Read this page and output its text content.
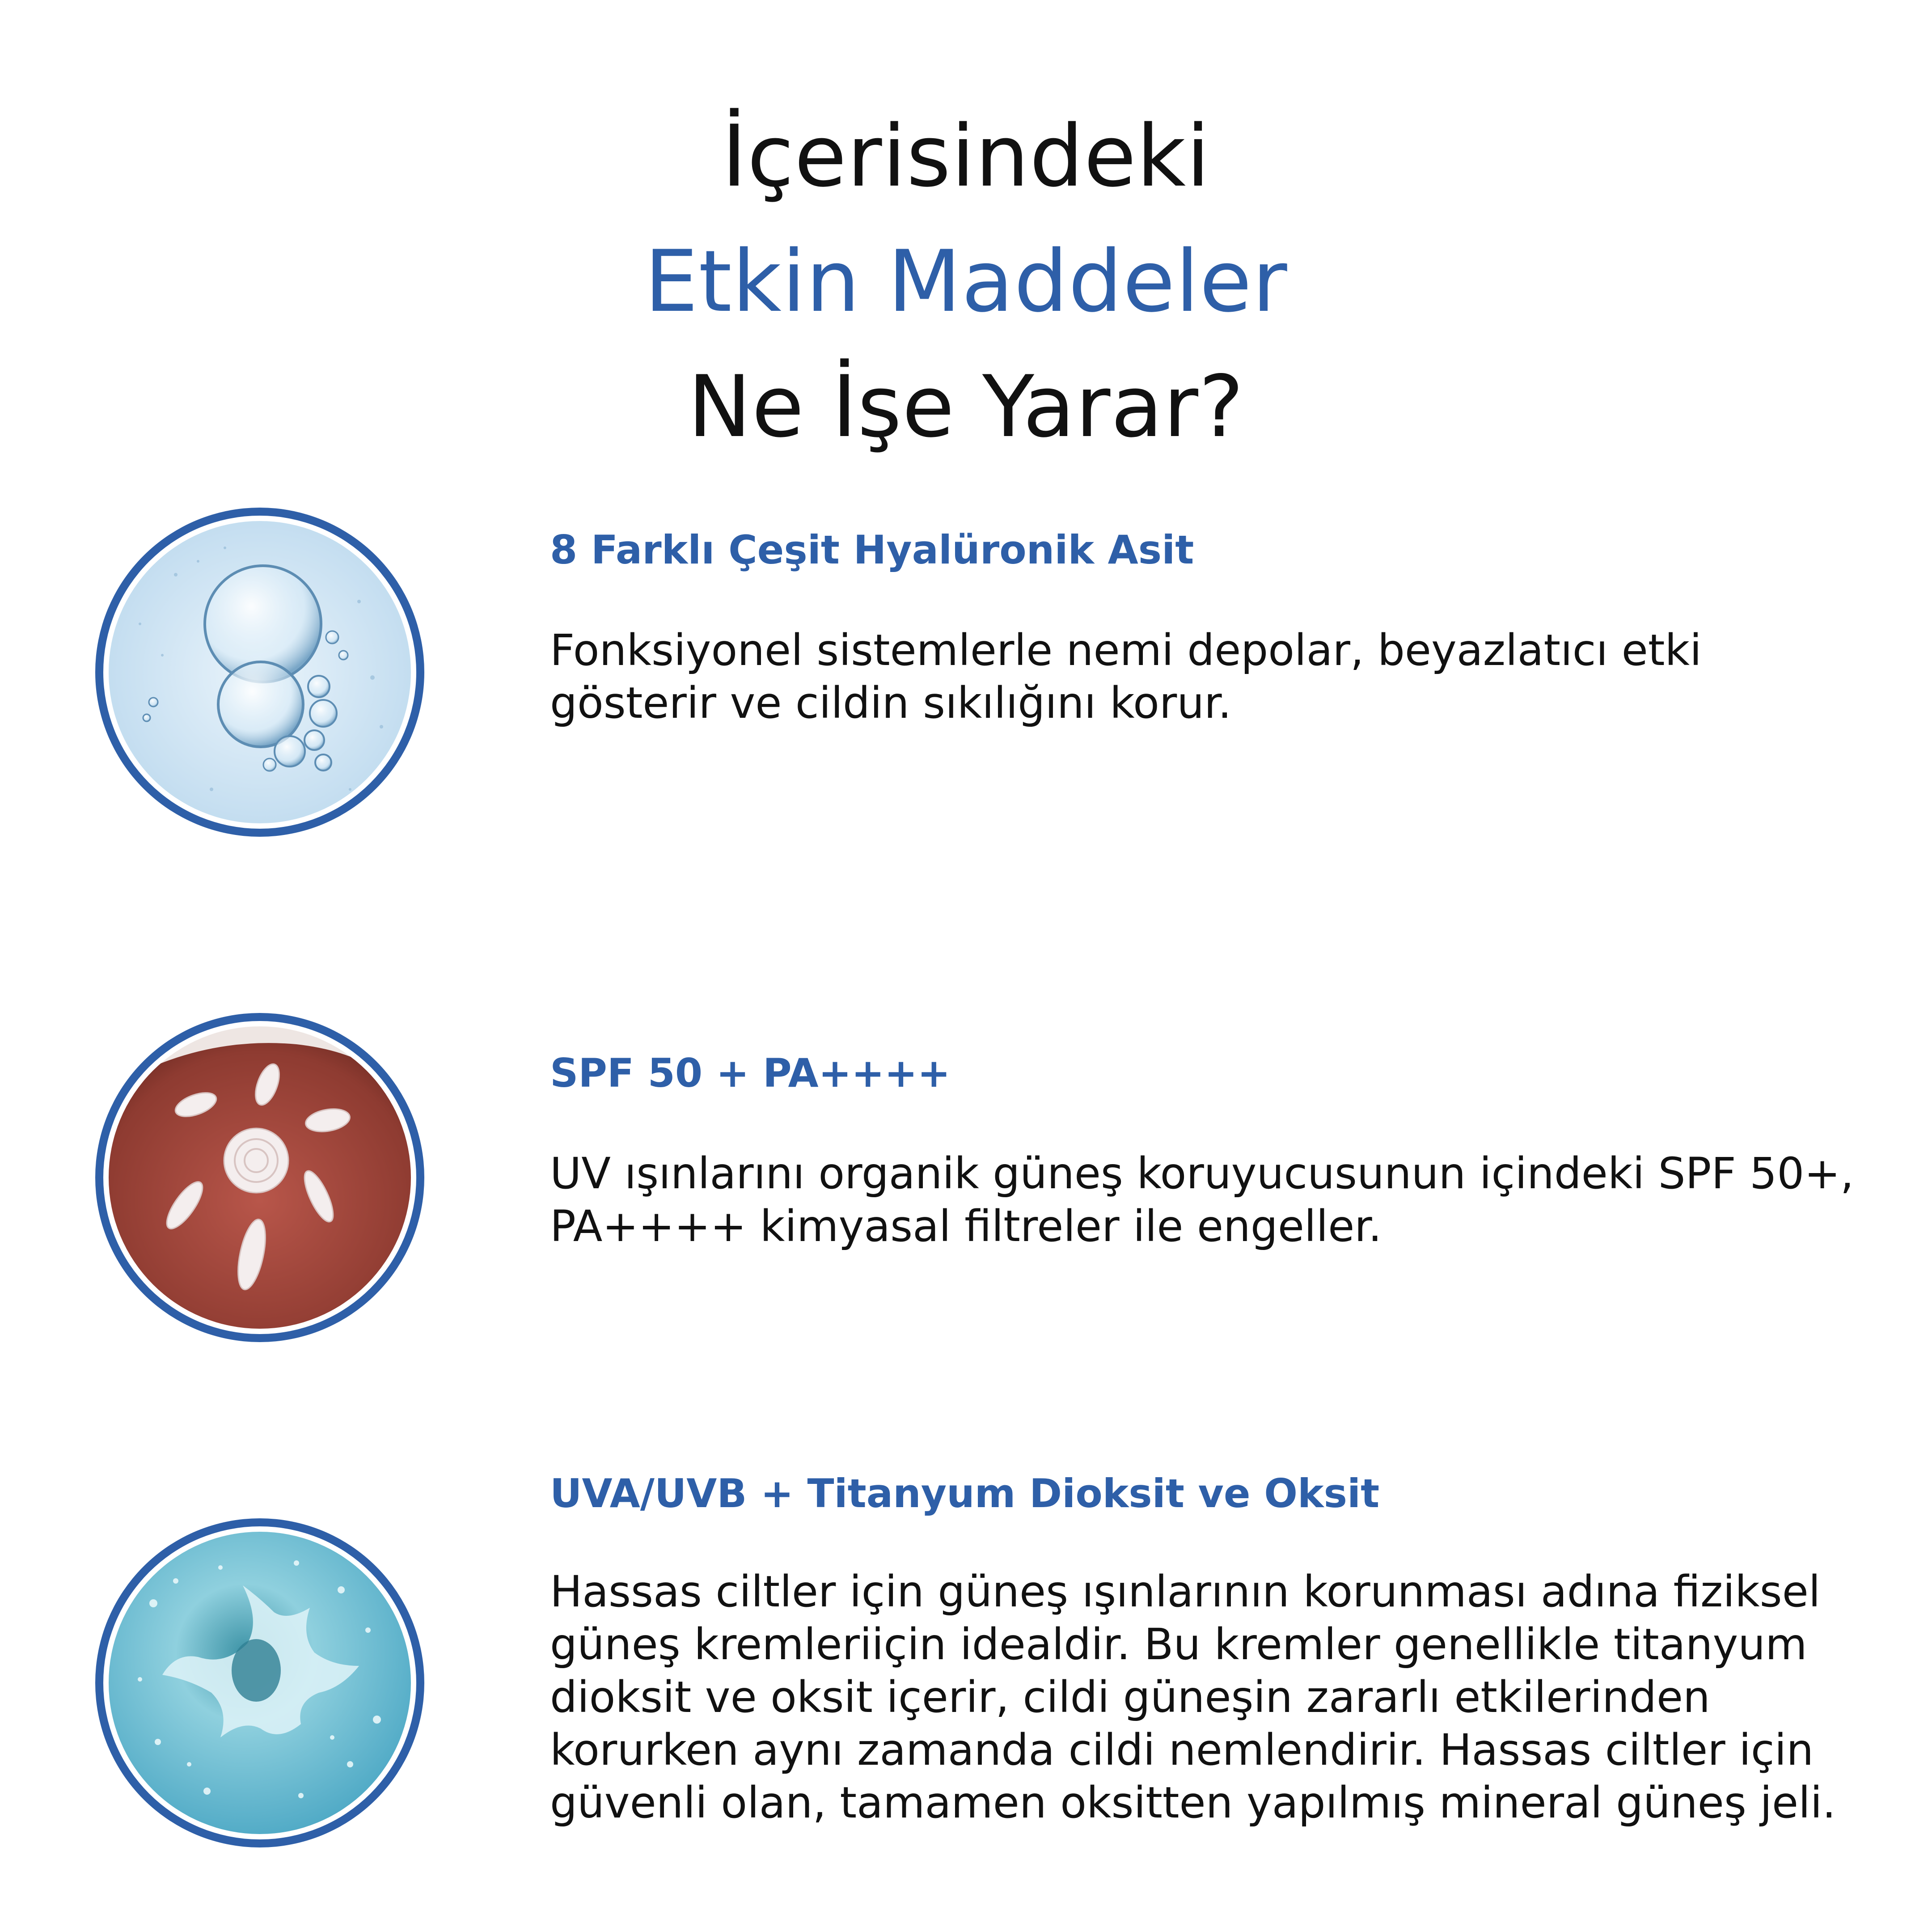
İçerisindeki
Etkin Maddeler
Ne İşe Yarar?
8 Farklı Çeşit Hyalüronik Asit
Fonksiyonel sistemlerle nemi depolar, beyazlatıcı etki gösterir ve cildin sıkılığını korur.
SPF 50 + PA++++
UV ışınlarını organik güneş koruyucusunun içindeki SPF 50+, PA++++ kimyasal filtreler ile engeller.
UVA/UVB + Titanyum Dioksit ve Oksit
Hassas ciltler için güneş ışınlarının korunması adına fiziksel güneş kremleriiçin idealdir. Bu kremler genellikle titanyum dioksit ve oksit içerir, cildi güneşin zararlı etkilerinden korurken aynı zamanda cildi nemlendirir. Hassas ciltler için güvenli olan, tamamen oksitten yapılmış mineral güneş jeli.
